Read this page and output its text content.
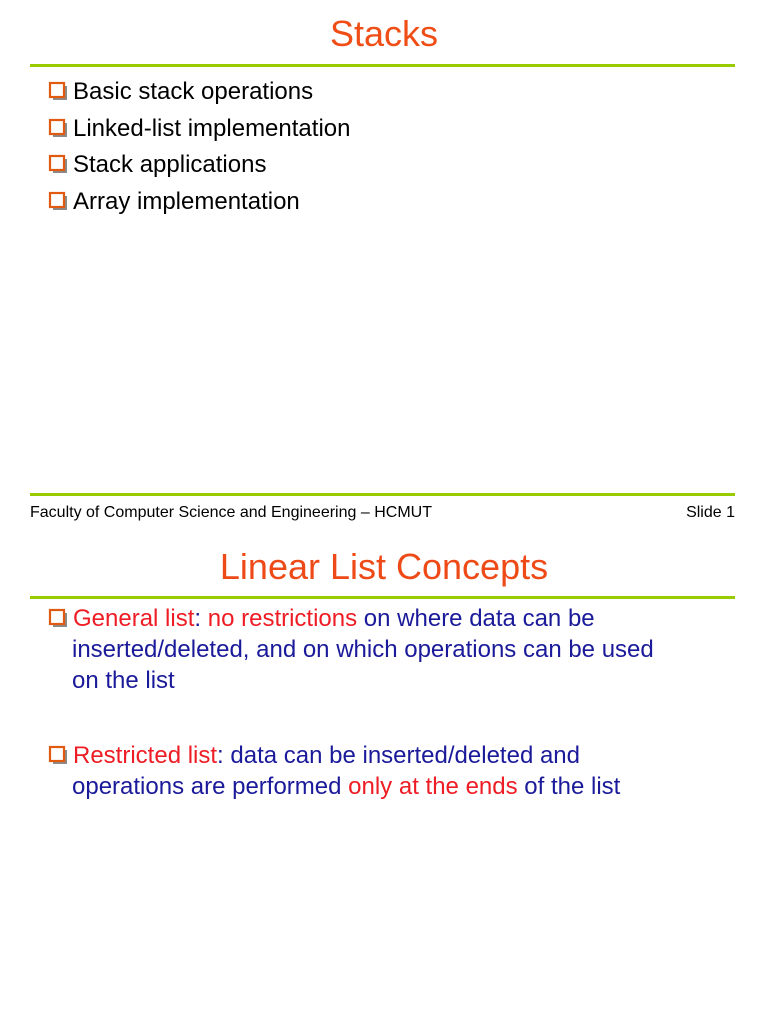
Stacks
Basic stack operations
Linked-list implementation
Stack applications
Array implementation
Faculty of Computer Science and Engineering – HCMUT	Slide 1
Linear List Concepts
General list: no restrictions on where data can be
inserted/deleted, and on which operations can be used
on the list
Restricted list: data can be inserted/deleted and
operations are performed only at the ends of the list
